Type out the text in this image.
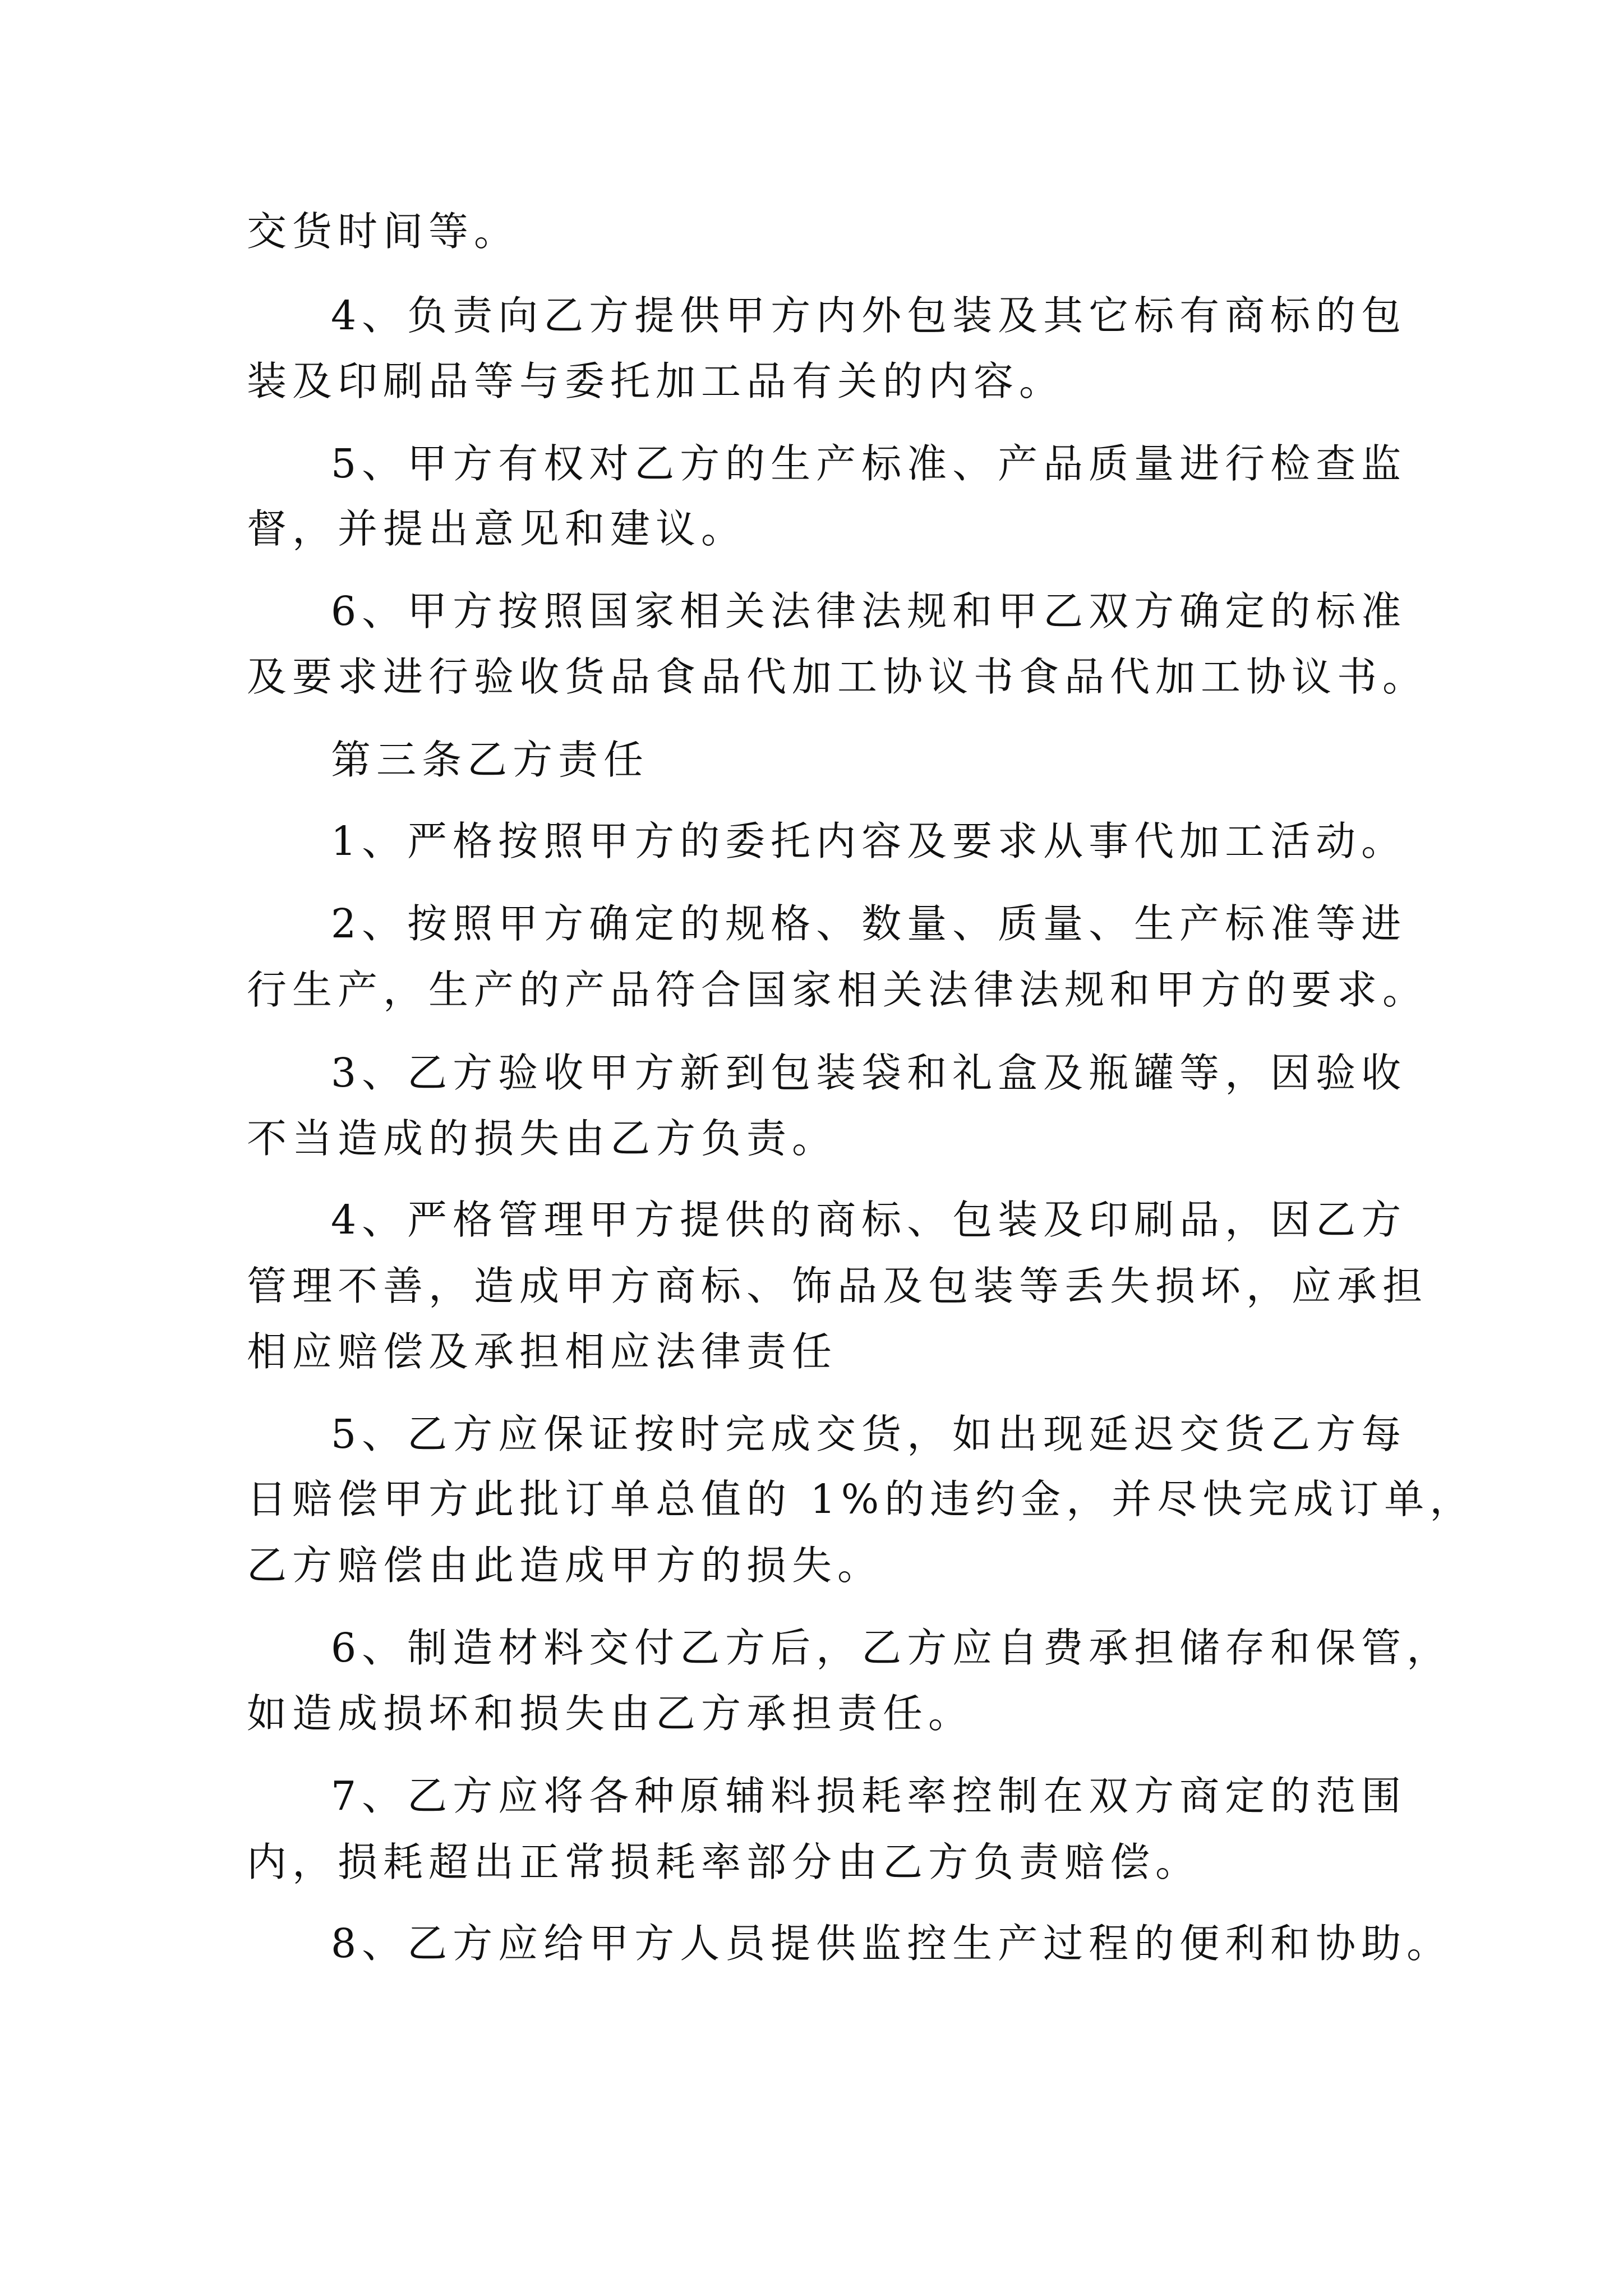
交货时间等。
4、负责向乙方提供甲方内外包装及其它标有商标的包
装及印刷品等与委托加工品有关的内容。
5、甲方有权对乙方的生产标准、产品质量进行检查监
督，并提出意见和建议。
6、甲方按照国家相关法律法规和甲乙双方确定的标准
及要求进行验收货品食品代加工协议书食品代加工协议书。
第三条乙方责任
1、严格按照甲方的委托内容及要求从事代加工活动。
2、按照甲方确定的规格、数量、质量、生产标准等进
行生产，生产的产品符合国家相关法律法规和甲方的要求。
3、乙方验收甲方新到包装袋和礼盒及瓶罐等，因验收
不当造成的损失由乙方负责。
4、严格管理甲方提供的商标、包装及印刷品，因乙方
管理不善，造成甲方商标、饰品及包装等丢失损坏，应承担
相应赔偿及承担相应法律责任
5、乙方应保证按时完成交货，如出现延迟交货乙方每
日赔偿甲方此批订单总值的 1%的违约金，并尽快完成订单，
乙方赔偿由此造成甲方的损失。
6、制造材料交付乙方后，乙方应自费承担储存和保管，
如造成损坏和损失由乙方承担责任。
7、乙方应将各种原辅料损耗率控制在双方商定的范围
内，损耗超出正常损耗率部分由乙方负责赔偿。
8、乙方应给甲方人员提供监控生产过程的便利和协助。
